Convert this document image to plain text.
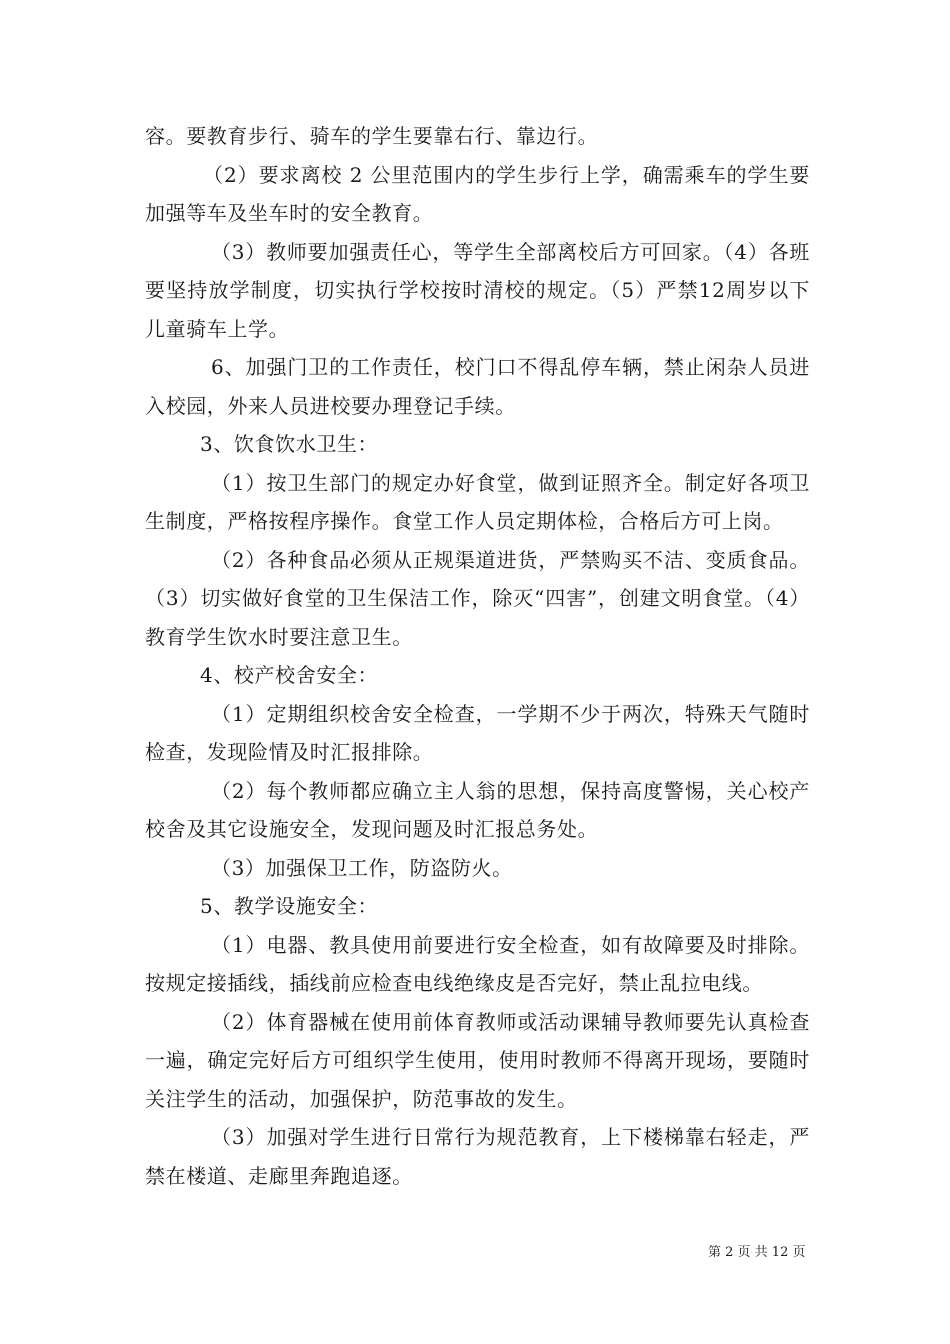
容。要教育步行、骑车的学生要靠右行、靠边行。

（2）要求离校 2 公里范围内的学生步行上学，确需乘车的学生要加强等车及坐车时的安全教育。

（3）教师要加强责任心，等学生全部离校后方可回家。（4）各班要坚持放学制度，切实执行学校按时清校的规定。（5）严禁12周岁以下儿童骑车上学。

6、加强门卫的工作责任，校门口不得乱停车辆，禁止闲杂人员进入校园，外来人员进校要办理登记手续。

3、饮食饮水卫生：

（1）按卫生部门的规定办好食堂，做到证照齐全。制定好各项卫生制度，严格按程序操作。食堂工作人员定期体检，合格后方可上岗。

（2）各种食品必须从正规渠道进货，严禁购买不洁、变质食品。（3）切实做好食堂的卫生保洁工作，除灭“四害”，创建文明食堂。（4）教育学生饮水时要注意卫生。

4、校产校舍安全：

（1）定期组织校舍安全检查，一学期不少于两次，特殊天气随时检查，发现险情及时汇报排除。

（2）每个教师都应确立主人翁的思想，保持高度警惕，关心校产校舍及其它设施安全，发现问题及时汇报总务处。

（3）加强保卫工作，防盗防火。

5、教学设施安全：

（1）电器、教具使用前要进行安全检查，如有故障要及时排除。按规定接插线，插线前应检查电线绝缘皮是否完好，禁止乱拉电线。

（2）体育器械在使用前体育教师或活动课辅导教师要先认真检查一遍，确定完好后方可组织学生使用，使用时教师不得离开现场，要随时关注学生的活动，加强保护，防范事故的发生。

（3）加强对学生进行日常行为规范教育，上下楼梯靠右轻走，严禁在楼道、走廊里奔跑追逐。

第 2 页 共 12 页
